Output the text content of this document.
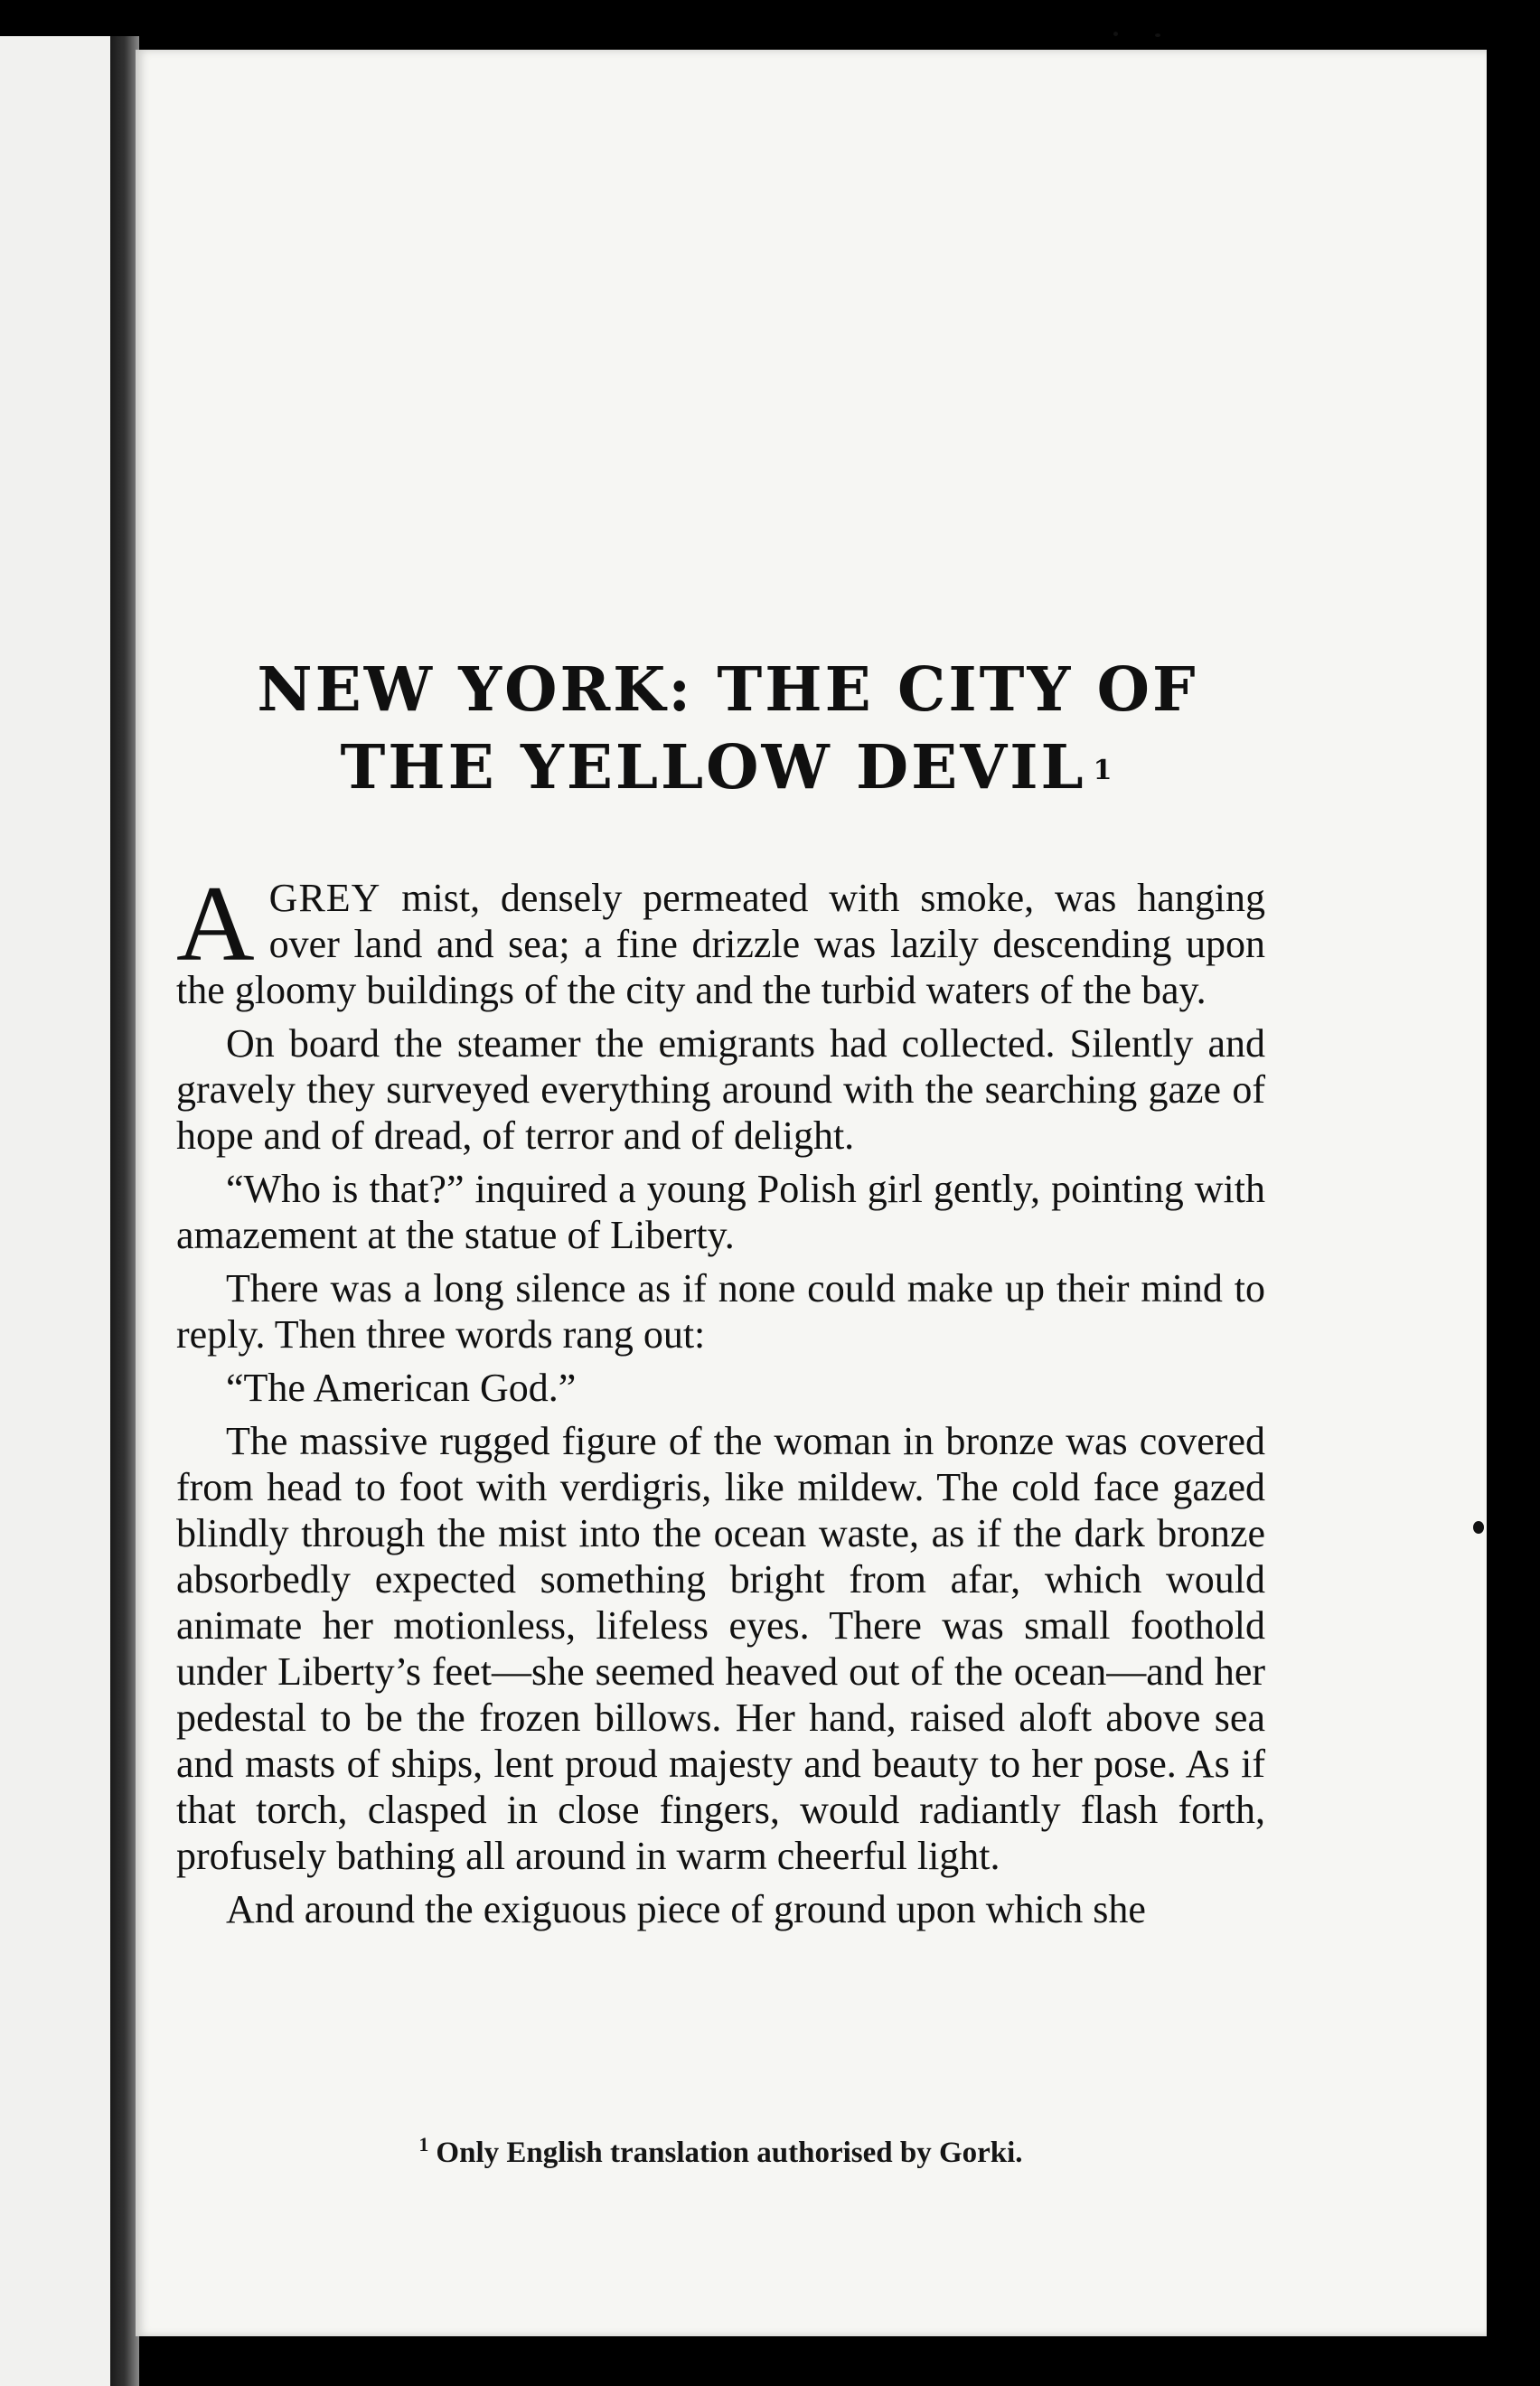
NEW YORK: THE CITY OF
THE YELLOW DEVIL $^1$

AGREY mist, densely permeated with smoke, was hanging over land and sea; a fine drizzle was lazily descending upon the gloomy buildings of the city and the turbid waters of the bay.

On board the steamer the emigrants had collected. Silently and gravely they surveyed everything around with the searching gaze of hope and of dread, of terror and of delight.

“Who is that?” inquired a young Polish girl gently, pointing with amazement at the statue of Liberty.

There was a long silence as if none could make up their mind to reply. Then three words rang out:

“The American God.”

The massive rugged figure of the woman in bronze was covered from head to foot with verdigris, like mildew. The cold face gazed blindly through the mist into the ocean waste, as if the dark bronze absorbedly expected something bright from afar, which would animate her motionless, lifeless eyes. There was small foothold under Liberty’s feet—she seemed heaved out of the ocean—and her pedestal to be the frozen billows. Her hand, raised aloft above sea and masts of ships, lent proud majesty and beauty to her pose. As if that torch, clasped in close fingers, would radiantly flash forth, profusely bathing all around in warm cheerful light.

And around the exiguous piece of ground upon which she

$^1$ Only English translation authorised by Gorki.
